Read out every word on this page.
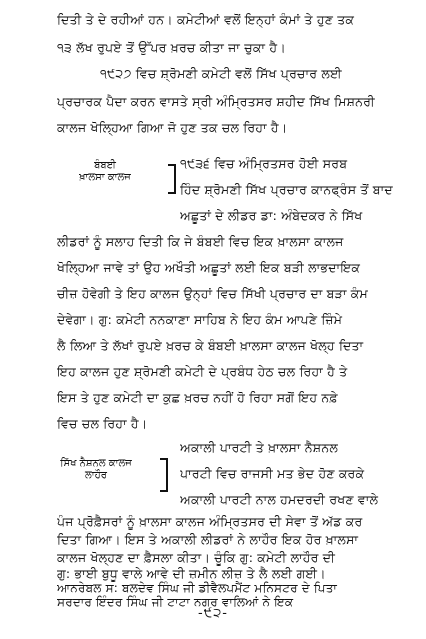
ਦਿਤੀ ਤੇ ਦੇ ਰਹੀਆਂ ਹਨ। ਕਮੇਟੀਆਂ ਵਲੋਂ ਇਨ੍ਹਾਂ ਕੰਮਾਂ ਤੇ ਹੁਣ ਤਕ
੧੩ ਲੱਖ ਰੁਪਏ ਤੋਂ ਉੱਪਰ ਖ਼ਰਚ ਕੀਤਾ ਜਾ ਚੁਕਾ ਹੈ।
੧੯੨੭ ਵਿਚ ਸ਼੍ਰੋਮਣੀ ਕਮੇਟੀ ਵਲੋਂ ਸਿੱਖ ਪ੍ਰਚਾਰ ਲਈ
ਪ੍ਰਚਾਰਕ ਪੈਦਾ ਕਰਨ ਵਾਸਤੇ ਸ੍ਰੀ ਅੰਮ੍ਰਿਤਸਰ ਸ਼ਹੀਦ ਸਿੱਖ ਮਿਸ਼ਨਰੀ
ਕਾਲਜ ਖੋਲ੍ਹਿਆ ਗਿਆ ਜੋ ਹੁਣ ਤਕ ਚਲ ਰਿਹਾ ਹੈ।
ਬੰਬਈ
ਖ਼ਾਲਸਾ ਕਾਲਜ
੧੯੩੬ ਵਿਚ ਅੰਮ੍ਰਿਤਸਰ ਹੋਈ ਸਰਬ
ਹਿੰਦ ਸ਼੍ਰੋਮਣੀ ਸਿੱਖ ਪ੍ਰਚਾਰ ਕਾਨਫ੍ਰੰਸ ਤੋਂ ਬਾਦ
ਅਛੂਤਾਂ ਦੇ ਲੀਡਰ ਡਾ: ਅੰਬੇਦਕਰ ਨੇ ਸਿੱਖ
ਲੀਡਰਾਂ ਨੂੰ ਸਲਾਹ ਦਿਤੀ ਕਿ ਜੇ ਬੰਬਈ ਵਿਚ ਇਕ ਖ਼ਾਲਸਾ ਕਾਲਜ
ਖੋਲ੍ਹਿਆ ਜਾਵੇ ਤਾਂ ਉਹ ਅਖੌਤੀ ਅਛੂਤਾਂ ਲਈ ਇਕ ਬੜੀ ਲਾਭਦਾਇਕ
ਚੀਜ਼ ਹੋਵੇਗੀ ਤੇ ਇਹ ਕਾਲਜ ਉਨ੍ਹਾਂ ਵਿਚ ਸਿੱਖੀ ਪ੍ਰਚਾਰ ਦਾ ਬੜਾ ਕੰਮ
ਦੇਵੇਗਾ। ਗੁ: ਕਮੇਟੀ ਨਨਕਾਣਾ ਸਾਹਿਬ ਨੇ ਇਹ ਕੰਮ ਆਪਣੇ ਜ਼ਿੰਮੇ
ਲੈ ਲਿਆ ਤੇ ਲੱਖਾਂ ਰੁਪਏ ਖ਼ਰਚ ਕੇ ਬੰਬਈ ਖ਼ਾਲਸਾ ਕਾਲਜ ਖੋਲ੍ਹ ਦਿਤਾ
ਇਹ ਕਾਲਜ ਹੁਣ ਸ਼੍ਰੋਮਣੀ ਕਮੇਟੀ ਦੇ ਪ੍ਰਬੰਧ ਹੇਠ ਚਲ ਰਿਹਾ ਹੈ ਤੇ
ਇਸ ਤੇ ਹੁਣ ਕਮੇਟੀ ਦਾ ਕੁਛ ਖ਼ਰਚ ਨਹੀਂ ਹੋ ਰਿਹਾ ਸਗੋਂ ਇਹ ਨਫ਼ੇ
ਵਿਚ ਚਲ ਰਿਹਾ ਹੈ।
ਸਿੱਖ ਨੈਸ਼ਨਲ ਕਾਲਜ
ਲਾਹੌਰ
ਅਕਾਲੀ ਪਾਰਟੀ ਤੇ ਖ਼ਾਲਸਾ ਨੈਸ਼ਨਲ
ਪਾਰਟੀ ਵਿਚ ਰਾਜਸੀ ਮਤ ਭੇਦ ਹੋਣ ਕਰਕੇ
ਅਕਾਲੀ ਪਾਰਟੀ ਨਾਲ ਹਮਦਰਦੀ ਰਖਣ ਵਾਲੇ
ਪੰਜ ਪ੍ਰੋਫ਼ੈਸਰਾਂ ਨੂੰ ਖ਼ਾਲਸਾ ਕਾਲਜ ਅੰਮ੍ਰਿਤਸਰ ਦੀ ਸੇਵਾ ਤੋਂ ਅੱਡ ਕਰ
ਦਿਤਾ ਗਿਆ। ਇਸ ਤੇ ਅਕਾਲੀ ਲੀਡਰਾਂ ਨੇ ਲਾਹੌਰ ਇਕ ਹੋਰ ਖ਼ਾਲਸਾ
ਕਾਲਜ ਖੋਲ੍ਹਣ ਦਾ ਫ਼ੈਸਲਾ ਕੀਤਾ। ਚੂੰਕਿ ਗੁ: ਕਮੇਟੀ ਲਾਹੌਰ ਦੀ
-੯੨-
ਗੁ: ਭਾਈ ਬੁਧੂ ਵਾਲੇ ਆਵੇ ਦੀ ਜ਼ਮੀਨ ਲੀਜ਼ ਤੇ ਲੈ ਲਈ ਗਈ।
ਆਨਰੇਬਲ ਸ: ਬਲਦੇਵ ਸਿੰਘ ਜੀ ਡੀਵੈਲਪਮੈਂਟ ਮਨਿਸਟਰ ਦੇ ਪਿਤਾ
ਸਰਦਾਰ ਇੰਦਰ ਸਿੰਘ ਜੀ ਟਾਟਾ ਨਗਰ ਵਾਲਿਆਂ ਨੇ ਇਕ
